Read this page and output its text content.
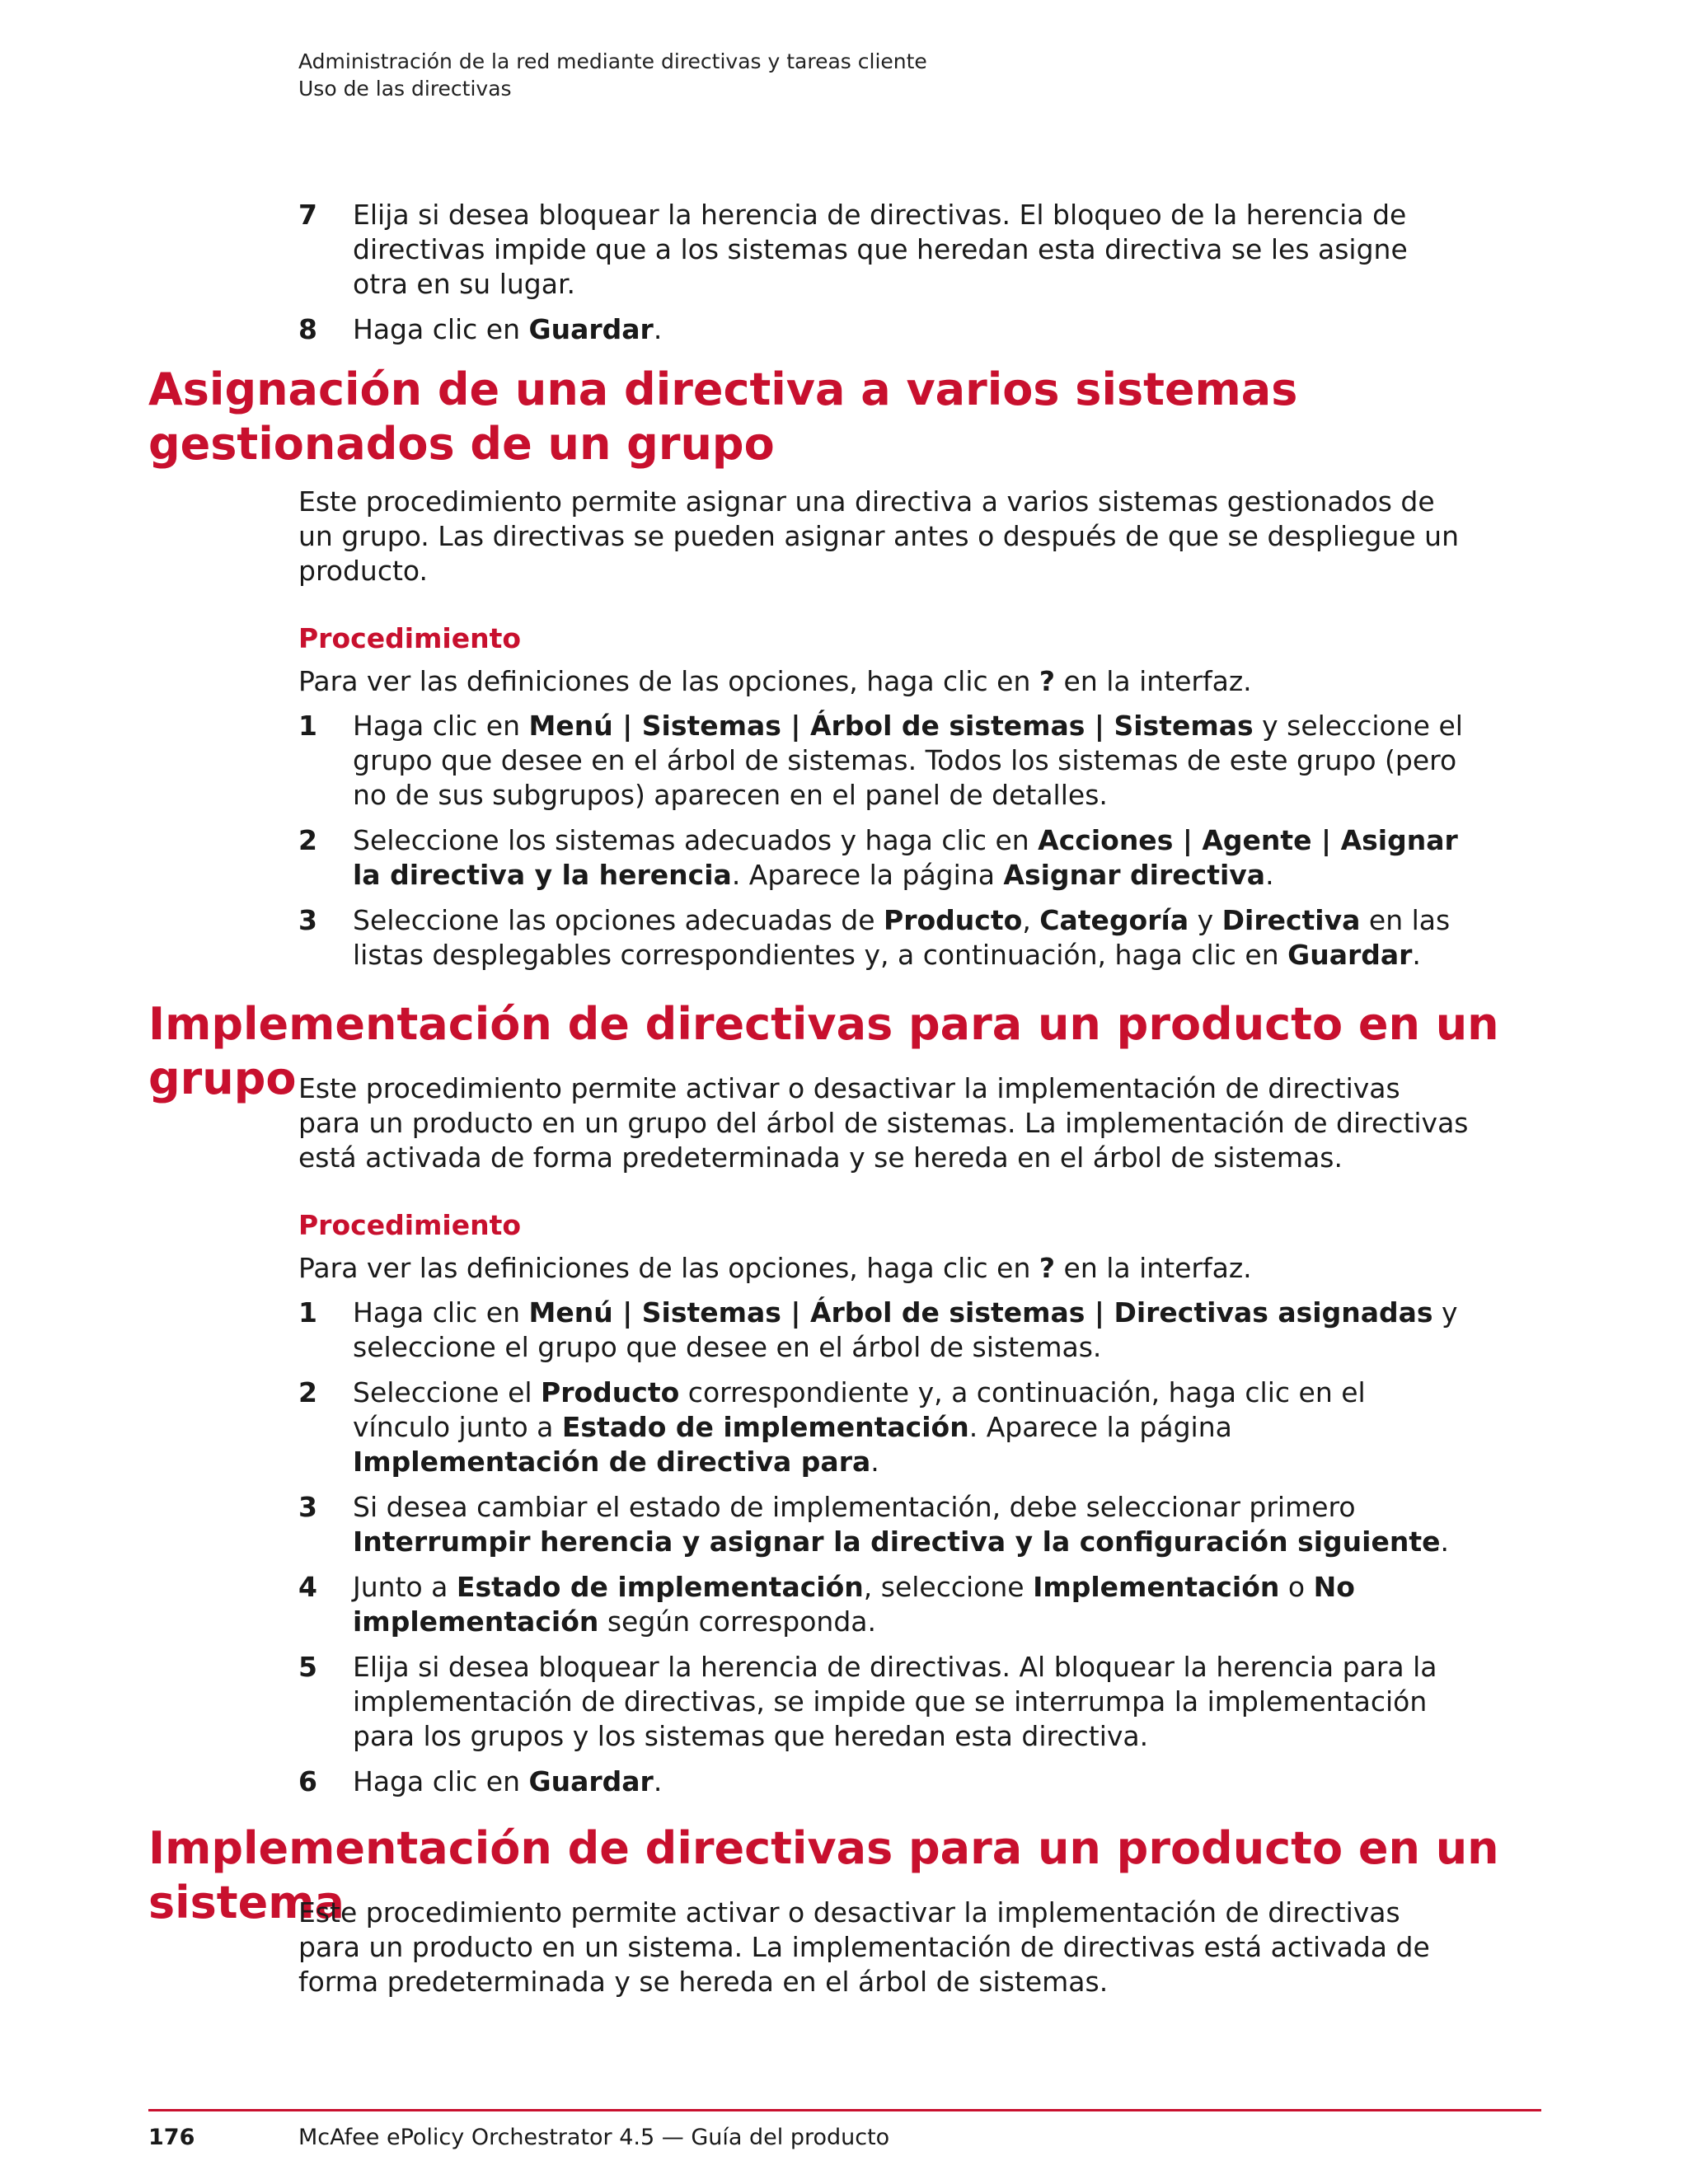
Administración de la red mediante directivas y tareas cliente
Uso de las directivas
7 Elija si desea bloquear la herencia de directivas. El bloqueo de la herencia de directivas impide que a los sistemas que heredan esta directiva se les asigne otra en su lugar.
8 Haga clic en Guardar.
Asignación de una directiva a varios sistemas gestionados de un grupo
Este procedimiento permite asignar una directiva a varios sistemas gestionados de un grupo. Las directivas se pueden asignar antes o después de que se despliegue un producto.
Procedimiento
Para ver las definiciones de las opciones, haga clic en ? en la interfaz.
1 Haga clic en Menú | Sistemas | Árbol de sistemas | Sistemas y seleccione el grupo que desee en el árbol de sistemas. Todos los sistemas de este grupo (pero no de sus subgrupos) aparecen en el panel de detalles.
2 Seleccione los sistemas adecuados y haga clic en Acciones | Agente | Asignar la directiva y la herencia. Aparece la página Asignar directiva.
3 Seleccione las opciones adecuadas de Producto, Categoría y Directiva en las listas desplegables correspondientes y, a continuación, haga clic en Guardar.
Implementación de directivas para un producto en un grupo Este procedimiento permite activar o desactivar la implementación de directivas para un producto en un grupo del árbol de sistemas. La implementación de directivas está activada de forma predeterminada y se hereda en el árbol de sistemas.
Procedimiento
Para ver las definiciones de las opciones, haga clic en ? en la interfaz.
1 Haga clic en Menú | Sistemas | Árbol de sistemas | Directivas asignadas y seleccione el grupo que desee en el árbol de sistemas.
2 Seleccione el Producto correspondiente y, a continuación, haga clic en el vínculo junto a Estado de implementación. Aparece la página Implementación de directiva para.
3 Si desea cambiar el estado de implementación, debe seleccionar primero Interrumpir herencia y asignar la directiva y la configuración siguiente.
4 Junto a Estado de implementación, seleccione Implementación o No implementación según corresponda.
5 Elija si desea bloquear la herencia de directivas. Al bloquear la herencia para la implementación de directivas, se impide que se interrumpa la implementación para los grupos y los sistemas que heredan esta directiva.
6 Haga clic en Guardar.
Implementación de directivas para un producto en un sistema
Este procedimiento permite activar o desactivar la implementación de directivas para un producto en un sistema. La implementación de directivas está activada de forma predeterminada y se hereda en el árbol de sistemas.
176	McAfee ePolicy Orchestrator 4.5 — Guía del producto
